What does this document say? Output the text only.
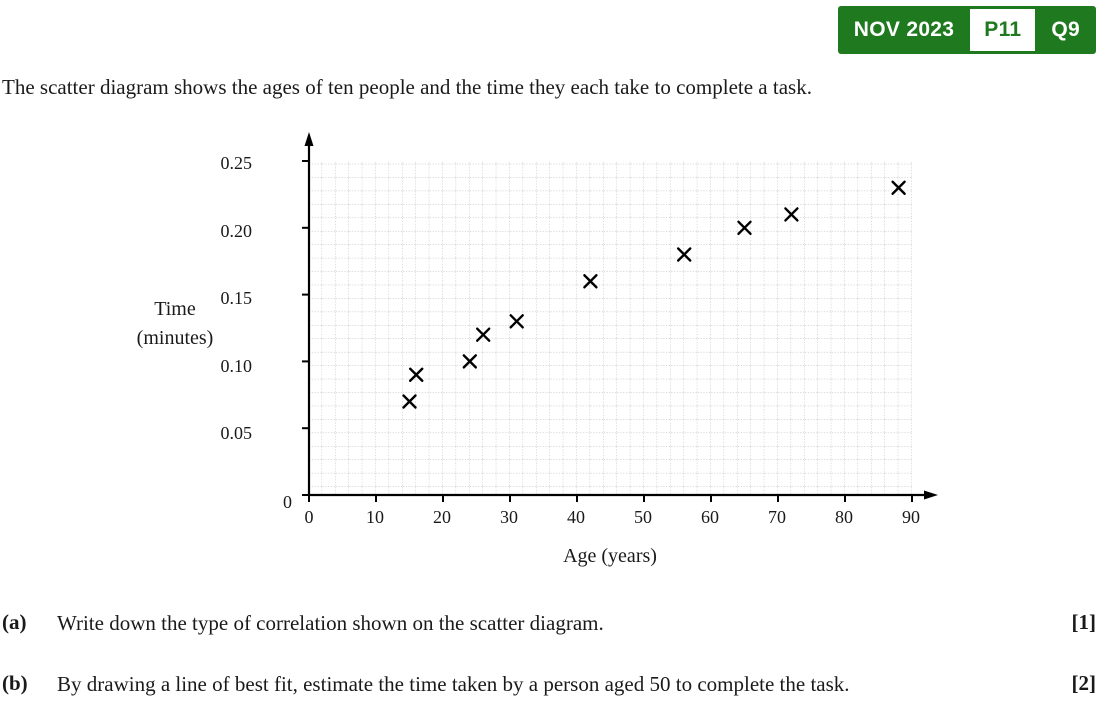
NOV 2023	P11	Q9
The scatter diagram shows the ages of ten people and the time they each take to complete a task.
Time
(minutes)
Age (years)
0
0.05
0.10
0.15
0.20
0.25
0	10	20	30	40	50	60	70	80	90
(a) Write down the type of correlation shown on the scatter diagram.	[1]
(b) By drawing a line of best fit, estimate the time taken by a person aged 50 to complete the task.	[2]
